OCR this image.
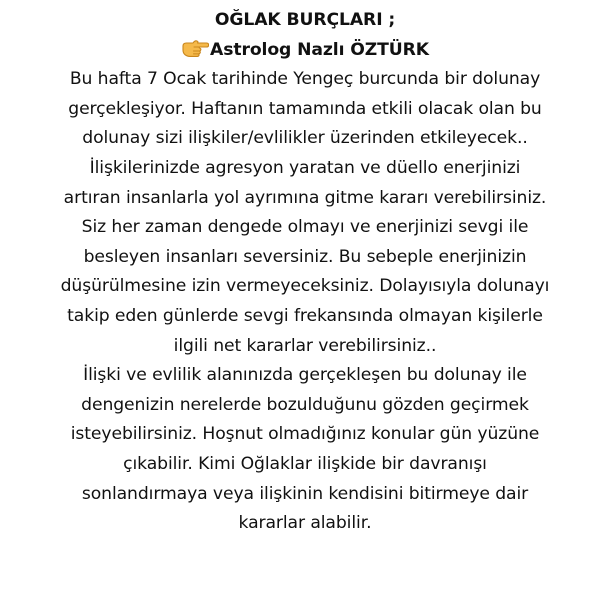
OĞLAK BURÇLARI ;
Astrolog Nazlı ÖZTÜRK
Bu hafta 7 Ocak tarihinde Yengeç burcunda bir dolunay
gerçekleşiyor. Haftanın tamamında etkili olacak olan bu
dolunay sizi ilişkiler/evlilikler üzerinden etkileyecek..
İlişkilerinizde agresyon yaratan ve düello enerjinizi
artıran insanlarla yol ayrımına gitme kararı verebilirsiniz.
Siz her zaman dengede olmayı ve enerjinizi sevgi ile
besleyen insanları seversiniz. Bu sebeple enerjinizin
düşürülmesine izin vermeyeceksiniz. Dolayısıyla dolunayı
takip eden günlerde sevgi frekansında olmayan kişilerle
ilgili net kararlar verebilirsiniz..
İlişki ve evlilik alanınızda gerçekleşen bu dolunay ile
dengenizin nerelerde bozulduğunu gözden geçirmek
isteyebilirsiniz. Hoşnut olmadığınız konular gün yüzüne
çıkabilir. Kimi Oğlaklar ilişkide bir davranışı
sonlandırmaya veya ilişkinin kendisini bitirmeye dair
kararlar alabilir.
